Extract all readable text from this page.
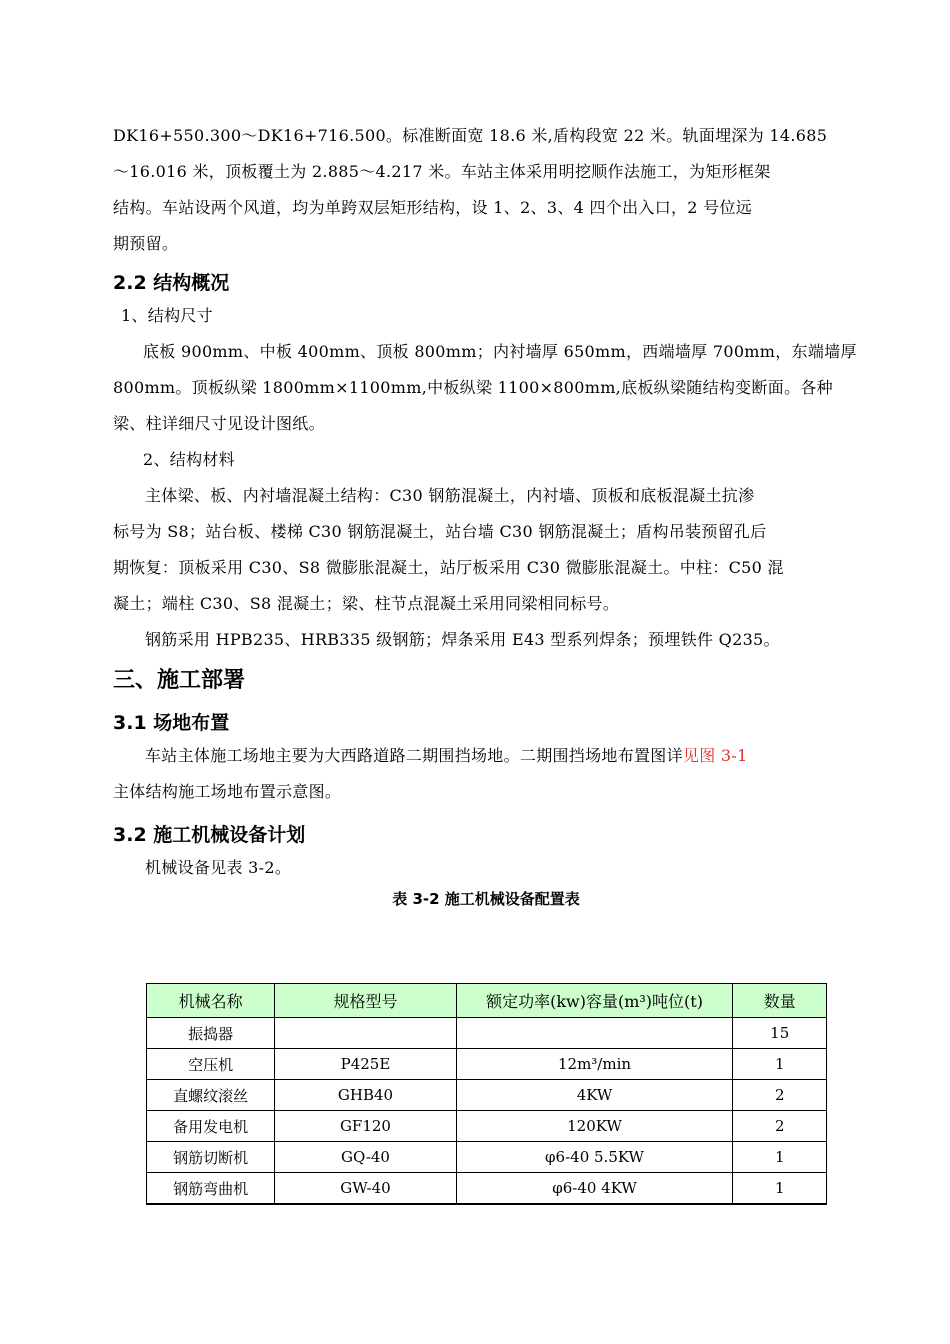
DK16+550.300～DK16+716.500。标准断面宽 18.6 米,盾构段宽 22 米。轨面埋深为 14.685

～16.016 米，顶板覆土为 2.885～4.217 米。车站主体采用明挖顺作法施工，为矩形框架

结构。车站设两个风道，均为单跨双层矩形结构，设 1、2、3、4 四个出入口，2 号位远

期预留。

2.2 结构概况

1、结构尺寸

底板 900mm、中板 400mm、顶板 800mm；内衬墙厚 650mm，西端墙厚 700mm，东端墙厚

800mm。顶板纵梁 1800mm×1100mm,中板纵梁 1100×800mm,底板纵梁随结构变断面。各种

梁、柱详细尺寸见设计图纸。

2、结构材料

主体梁、板、内衬墙混凝土结构：C30 钢筋混凝土，内衬墙、顶板和底板混凝土抗渗

标号为 S8；站台板、楼梯 C30 钢筋混凝土，站台墙 C30 钢筋混凝土；盾构吊装预留孔后

期恢复：顶板采用 C30、S8 微膨胀混凝土，站厅板采用 C30 微膨胀混凝土。中柱：C50 混

凝土；端柱 C30、S8 混凝土；梁、柱节点混凝土采用同梁相同标号。

钢筋采用 HPB235、HRB335 级钢筋；焊条采用 E43 型系列焊条；预埋铁件 Q235。

三、施工部署
3.1 场地布置

车站主体施工场地主要为大西路道路二期围挡场地。二期围挡场地布置图详见图 3-1

主体结构施工场地布置示意图。

3.2 施工机械设备计划

机械设备见表 3-2。

表 3-2 施工机械设备配置表

机械名称	规格型号	额定功率(kw)容量(m³)吨位(t)	数量
振捣器			15
空压机	P425E	12m³/min	1
直螺纹滚丝	GHB40	4KW	2
备用发电机	GF120	120KW	2
钢筋切断机	GQ-40	φ6-40 5.5KW	1
钢筋弯曲机	GW-40	φ6-40 4KW	1
